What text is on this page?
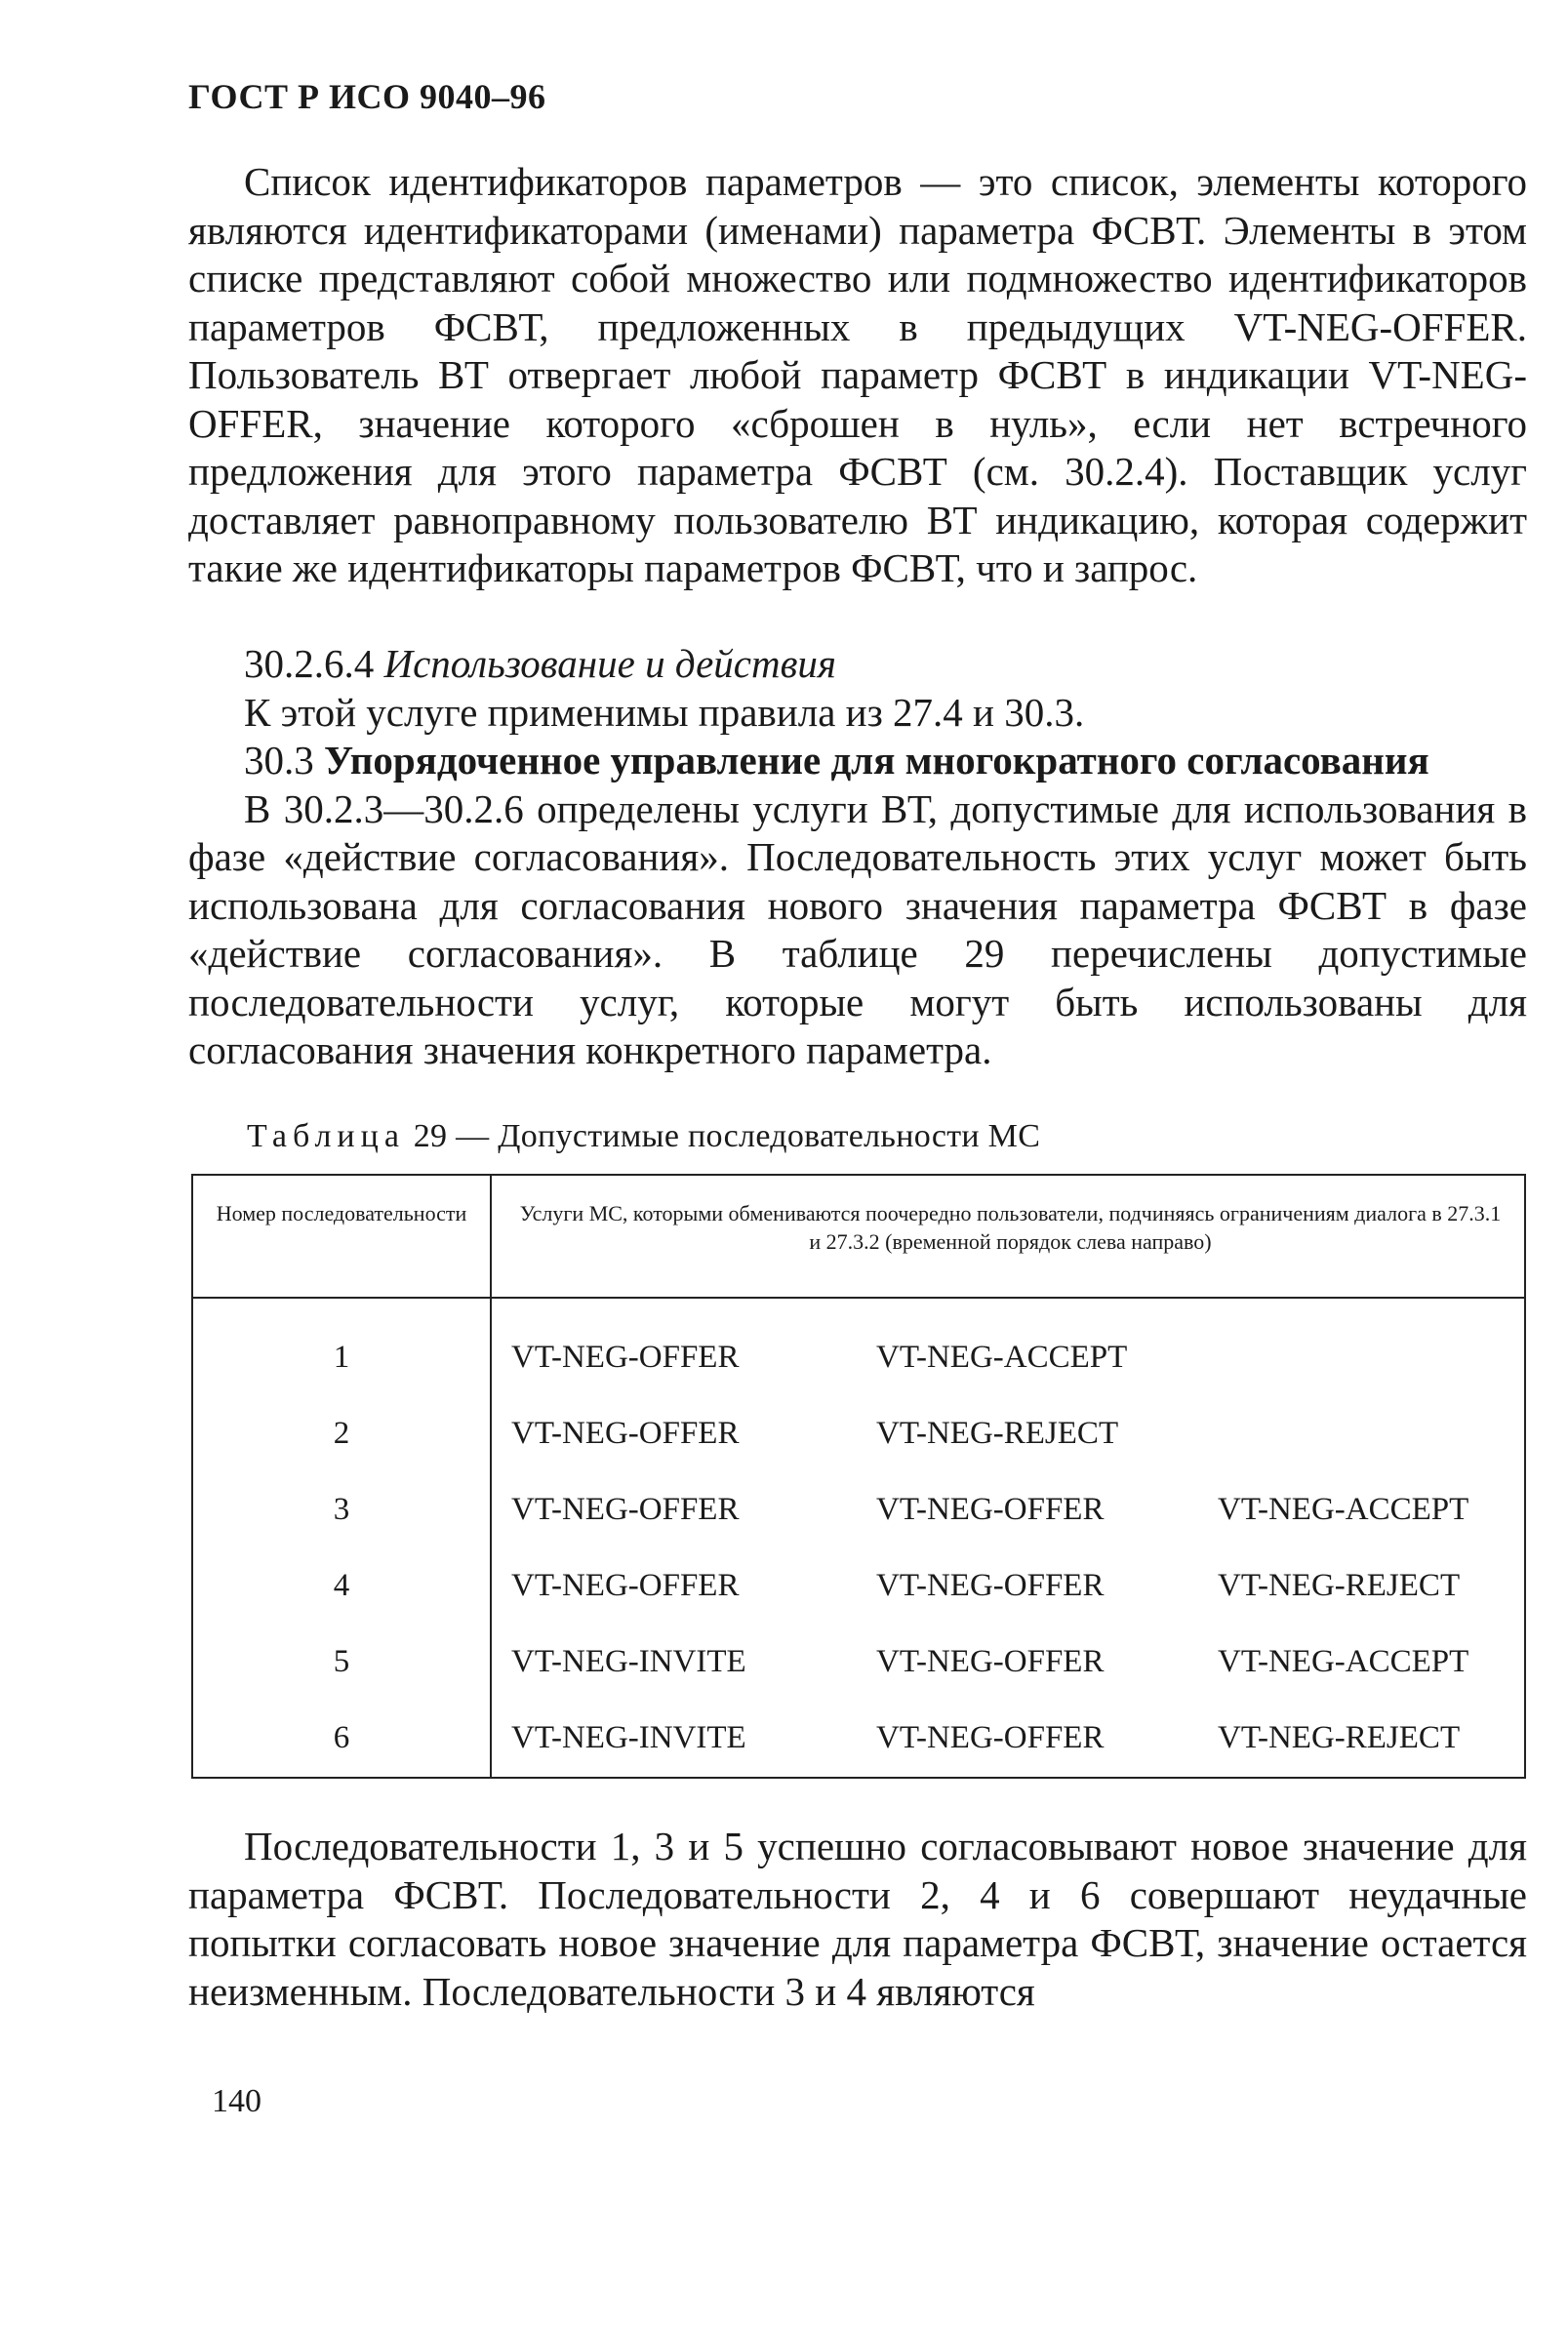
ГОСТ Р ИСО 9040–96

Список идентификаторов параметров — это список, элементы которого являются идентификаторами (именами) параметра ФСВТ. Элементы в этом списке представляют собой множество или подмножество идентификаторов параметров ФСВТ, предложенных в предыдущих VT-NEG-OFFER. Пользователь ВТ отвергает любой параметр ФСВТ в индикации VT-NEG-OFFER, значение которого «сброшен в нуль», если нет встречного предложения для этого параметра ФСВТ (см. 30.2.4). Поставщик услуг доставляет равноправному пользователю ВТ индикацию, которая содержит такие же идентификаторы параметров ФСВТ, что и запрос.

30.2.6.4 Использование и действия

К этой услуге применимы правила из 27.4 и 30.3.

30.3 Упорядоченное управление для многократного согласования

В 30.2.3—30.2.6 определены услуги ВТ, допустимые для использования в фазе «действие согласования». Последовательность этих услуг может быть использована для согласования нового значения параметра ФСВТ в фазе «действие согласования». В таблице 29 перечислены допустимые последовательности услуг, которые могут быть использованы для согласования значения конкретного параметра.

Таблица 29 — Допустимые последовательности МС
Номер последовательности	Услуги МС, которыми обмениваются поочередно пользователи, подчиняясь ограничениям диалога в 27.3.1 и 27.3.2 (временной порядок слева направо)
1	VT-NEG-OFFER	VT-NEG-ACCEPT
2	VT-NEG-OFFER	VT-NEG-REJECT
3	VT-NEG-OFFER	VT-NEG-OFFER	VT-NEG-ACCEPT
4	VT-NEG-OFFER	VT-NEG-OFFER	VT-NEG-REJECT
5	VT-NEG-INVITE	VT-NEG-OFFER	VT-NEG-ACCEPT
6	VT-NEG-INVITE	VT-NEG-OFFER	VT-NEG-REJECT

Последовательности 1, 3 и 5 успешно согласовывают новое значение для параметра ФСВТ. Последовательности 2, 4 и 6 совершают неудачные попытки согласовать новое значение для параметра ФСВТ, значение остается неизменным. Последовательности 3 и 4 являются

140
